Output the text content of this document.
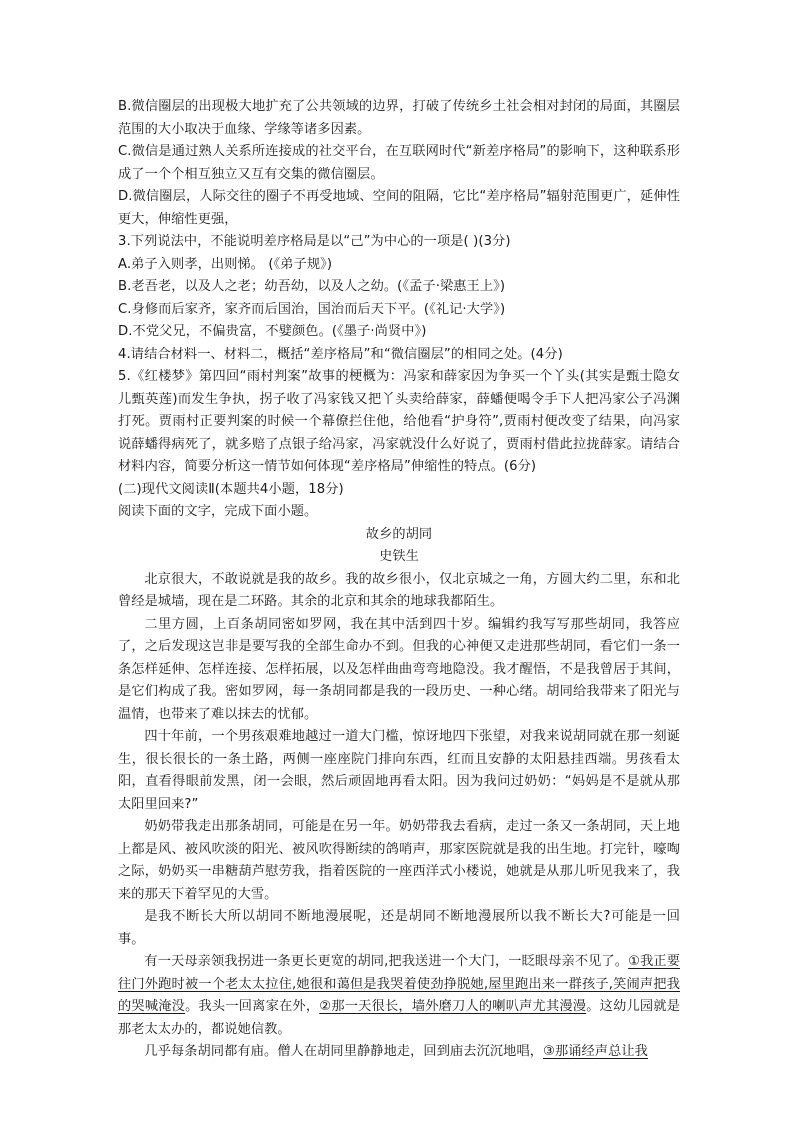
B.微信圈层的出现极大地扩充了公共领域的边界，打破了传统乡土社会相对封闭的局面，其圈层范围的大小取决于血缘、学缘等诸多因素。

C.微信是通过熟人关系所连接成的社交平台，在互联网时代“新差序格局”的影响下，这种联系形成了一个个相互独立又互有交集的微信圈层。

D.微信圈层，人际交往的圈子不再受地域、空间的阻隔，它比“差序格局”辐射范围更广，延伸性更大，伸缩性更强，

3.下列说法中，不能说明差序格局是以“己”为中心的一项是( )(3分)

A.弟子入则孝，出则悌。 (《弟子规》)

B.老吾老，以及人之老；幼吾幼，以及人之幼。(《孟子·梁惠王上》)

C.身修而后家齐，家齐而后国治，国治而后天下平。(《礼记·大学》)

D.不党父兄，不偏贵富，不嬖颜色。(《墨子·尚贤中》)

4.请结合材料一、材料二，概括“差序格局”和“微信圈层”的相同之处。(4分)

5.《红楼梦》第四回“雨村判案”故事的梗概为：冯家和薛家因为争买一个丫头(其实是甄士隐女儿甄英莲)而发生争执，拐子收了冯家钱又把丫头卖给薛家，薛蟠便喝令手下人把冯家公子冯渊打死。贾雨村正要判案的时候一个幕僚拦住他，给他看“护身符”,贾雨村便改变了结果，向冯家说薛蟠得病死了，就多赔了点银子给冯家，冯家就没什么好说了，贾雨村借此拉拢薛家。请结合材料内容，简要分析这一情节如何体现“差序格局”伸缩性的特点。(6分)

(二)现代文阅读Ⅱ(本题共4小题，18分)

阅读下面的文字，完成下面小题。

故乡的胡同

史铁生

北京很大，不敢说就是我的故乡。我的故乡很小，仅北京城之一角，方圆大约二里，东和北曾经是城墙，现在是二环路。其余的北京和其余的地球我都陌生。

二里方圆，上百条胡同密如罗网，我在其中活到四十岁。编辑约我写写那些胡同，我答应了，之后发现这岂非是要写我的全部生命办不到。但我的心神便又走进那些胡同，看它们一条一条怎样延伸、怎样连接、怎样拓展，以及怎样曲曲弯弯地隐没。我才醒悟，不是我曾居于其间，是它们构成了我。密如罗网，每一条胡同都是我的一段历史、一种心绪。胡同给我带来了阳光与温情，也带来了难以抹去的忧郁。

四十年前，一个男孩艰难地越过一道大门槛，惊讶地四下张望，对我来说胡同就在那一刻诞生，很长很长的一条土路，两侧一座座院门排向东西，红而且安静的太阳悬挂西端。男孩看太阳，直看得眼前发黑，闭一会眼，然后顽固地再看太阳。因为我问过奶奶：“妈妈是不是就从那太阳里回来?”

奶奶带我走出那条胡同，可能是在另一年。奶奶带我去看病，走过一条又一条胡同，天上地上都是风、被风吹淡的阳光、被风吹得断续的鸽哨声，那家医院就是我的出生地。打完针，嚎啕之际，奶奶买一串糖葫芦慰劳我，指着医院的一座西洋式小楼说，她就是从那儿听见我来了，我来的那天下着罕见的大雪。

是我不断长大所以胡同不断地漫展呢，还是胡同不断地漫展所以我不断长大?可能是一回事。

有一天母亲领我拐进一条更长更宽的胡同,把我送进一个大门，一眨眼母亲不见了。①我正要往门外跑时被一个老太太拉住,她很和蔼但是我哭着使劲挣脱她,屋里跑出来一群孩子,笑闹声把我的哭喊淹没。我头一回离家在外，②那一天很长，墙外磨刀人的喇叭声尤其漫漫。这幼儿园就是那老太太办的，都说她信教。

几乎每条胡同都有庙。僧人在胡同里静静地走，回到庙去沉沉地唱，③那诵经声总让我
